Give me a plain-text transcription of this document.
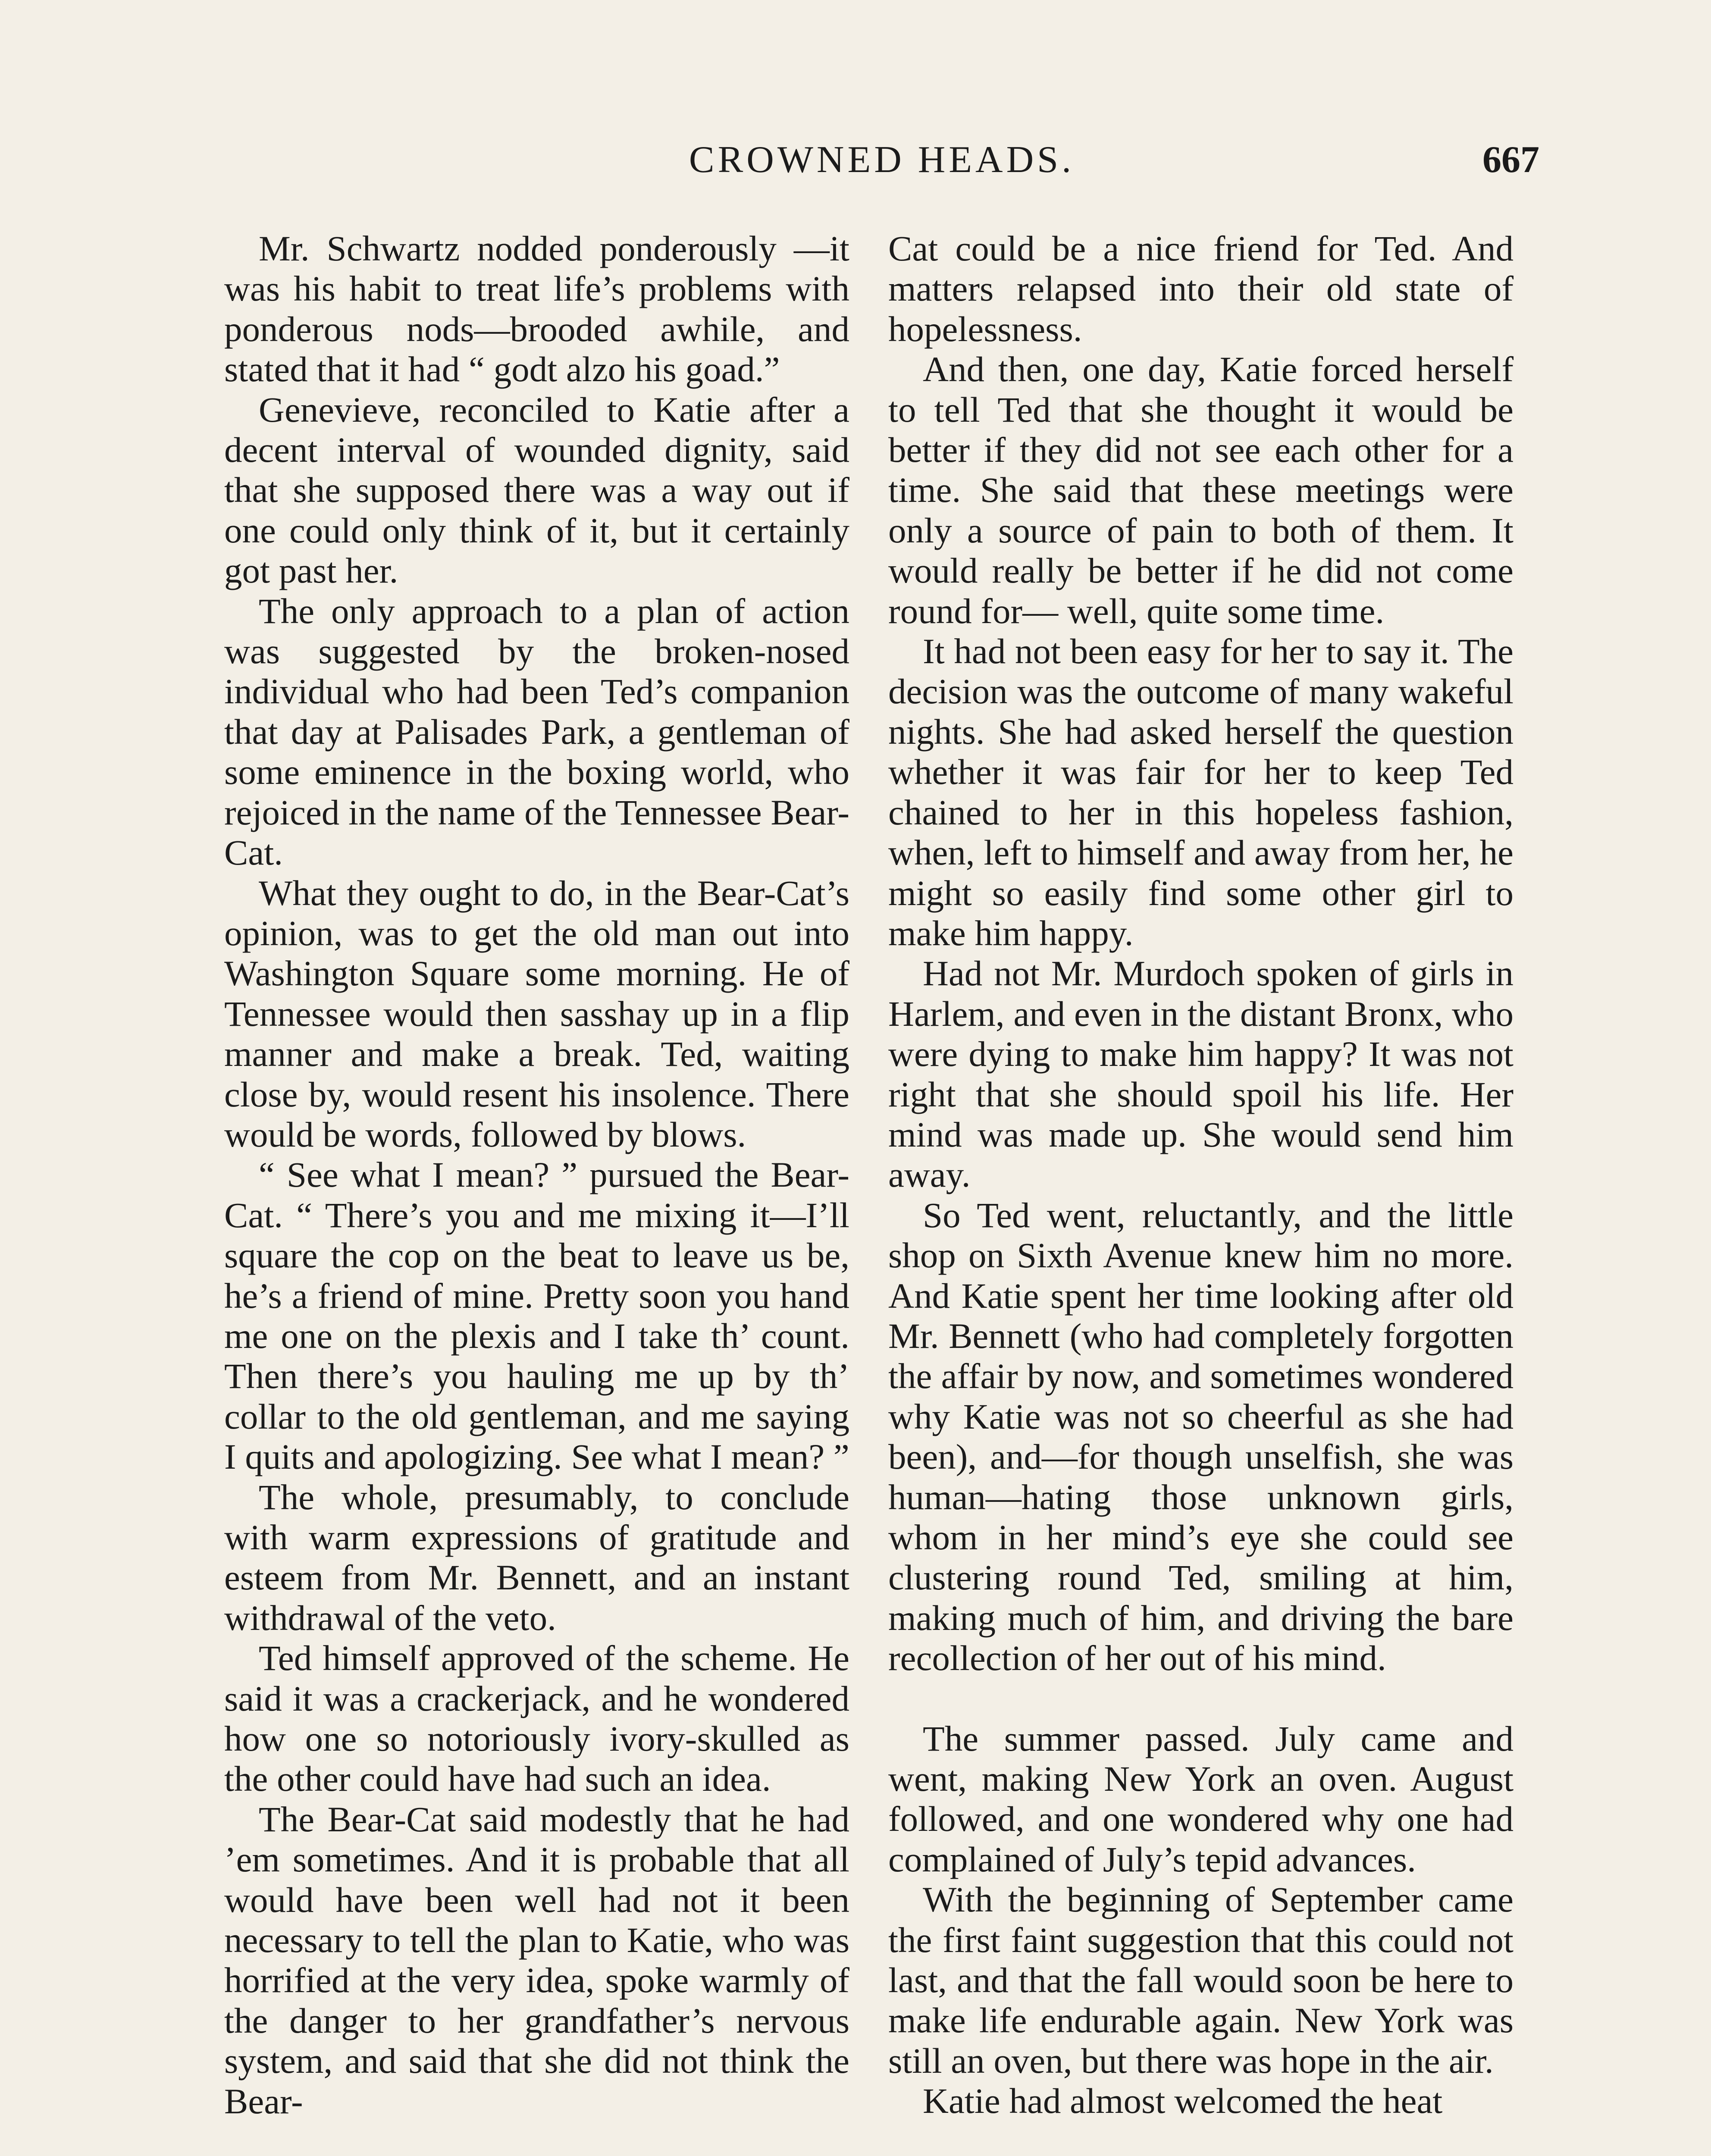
CROWNED HEADS.	667

Mr. Schwartz nodded ponderously —it was his habit to treat life’s problems with ponderous nods—brooded awhile, and stated that it had “ godt alzo his goad.”

Genevieve, reconciled to Katie after a decent interval of wounded dignity, said that she supposed there was a way out if one could only think of it, but it certainly got past her.

The only approach to a plan of action was suggested by the broken-nosed individual who had been Ted’s companion that day at Palisades Park, a gentleman of some eminence in the boxing world, who rejoiced in the name of the Tennessee Bear-Cat.

What they ought to do, in the Bear-Cat’s opinion, was to get the old man out into Washington Square some morning. He of Tennessee would then sasshay up in a flip manner and make a break. Ted, waiting close by, would resent his insolence. There would be words, followed by blows.

“ See what I mean? ” pursued the Bear-Cat. “ There’s you and me mixing it—I’ll square the cop on the beat to leave us be, he’s a friend of mine. Pretty soon you hand me one on the plexis and I take th’ count. Then there’s you hauling me up by th’ collar to the old gentleman, and me saying I quits and apologizing. See what I mean? ”

The whole, presumably, to conclude with warm expressions of gratitude and esteem from Mr. Bennett, and an instant withdrawal of the veto.

Ted himself approved of the scheme. He said it was a crackerjack, and he wondered how one so notoriously ivory-skulled as the other could have had such an idea.

The Bear-Cat said modestly that he had ’em sometimes. And it is probable that all would have been well had not it been necessary to tell the plan to Katie, who was horrified at the very idea, spoke warmly of the danger to her grandfather’s nervous system, and said that she did not think the Bear-

Cat could be a nice friend for Ted. And matters relapsed into their old state of hopelessness.

And then, one day, Katie forced herself to tell Ted that she thought it would be better if they did not see each other for a time. She said that these meetings were only a source of pain to both of them. It would really be better if he did not come round for— well, quite some time.

It had not been easy for her to say it. The decision was the outcome of many wakeful nights. She had asked herself the question whether it was fair for her to keep Ted chained to her in this hopeless fashion, when, left to himself and away from her, he might so easily find some other girl to make him happy.

Had not Mr. Murdoch spoken of girls in Harlem, and even in the distant Bronx, who were dying to make him happy? It was not right that she should spoil his life. Her mind was made up. She would send him away.

So Ted went, reluctantly, and the little shop on Sixth Avenue knew him no more. And Katie spent her time looking after old Mr. Bennett (who had completely forgotten the affair by now, and sometimes wondered why Katie was not so cheerful as she had been), and—for though unselfish, she was human—hating those unknown girls, whom in her mind’s eye she could see clustering round Ted, smiling at him, making much of him, and driving the bare recollection of her out of his mind.

The summer passed. July came and went, making New York an oven. August followed, and one wondered why one had complained of July’s tepid advances.

With the beginning of September came the first faint suggestion that this could not last, and that the fall would soon be here to make life endurable again. New York was still an oven, but there was hope in the air.

Katie had almost welcomed the heat
